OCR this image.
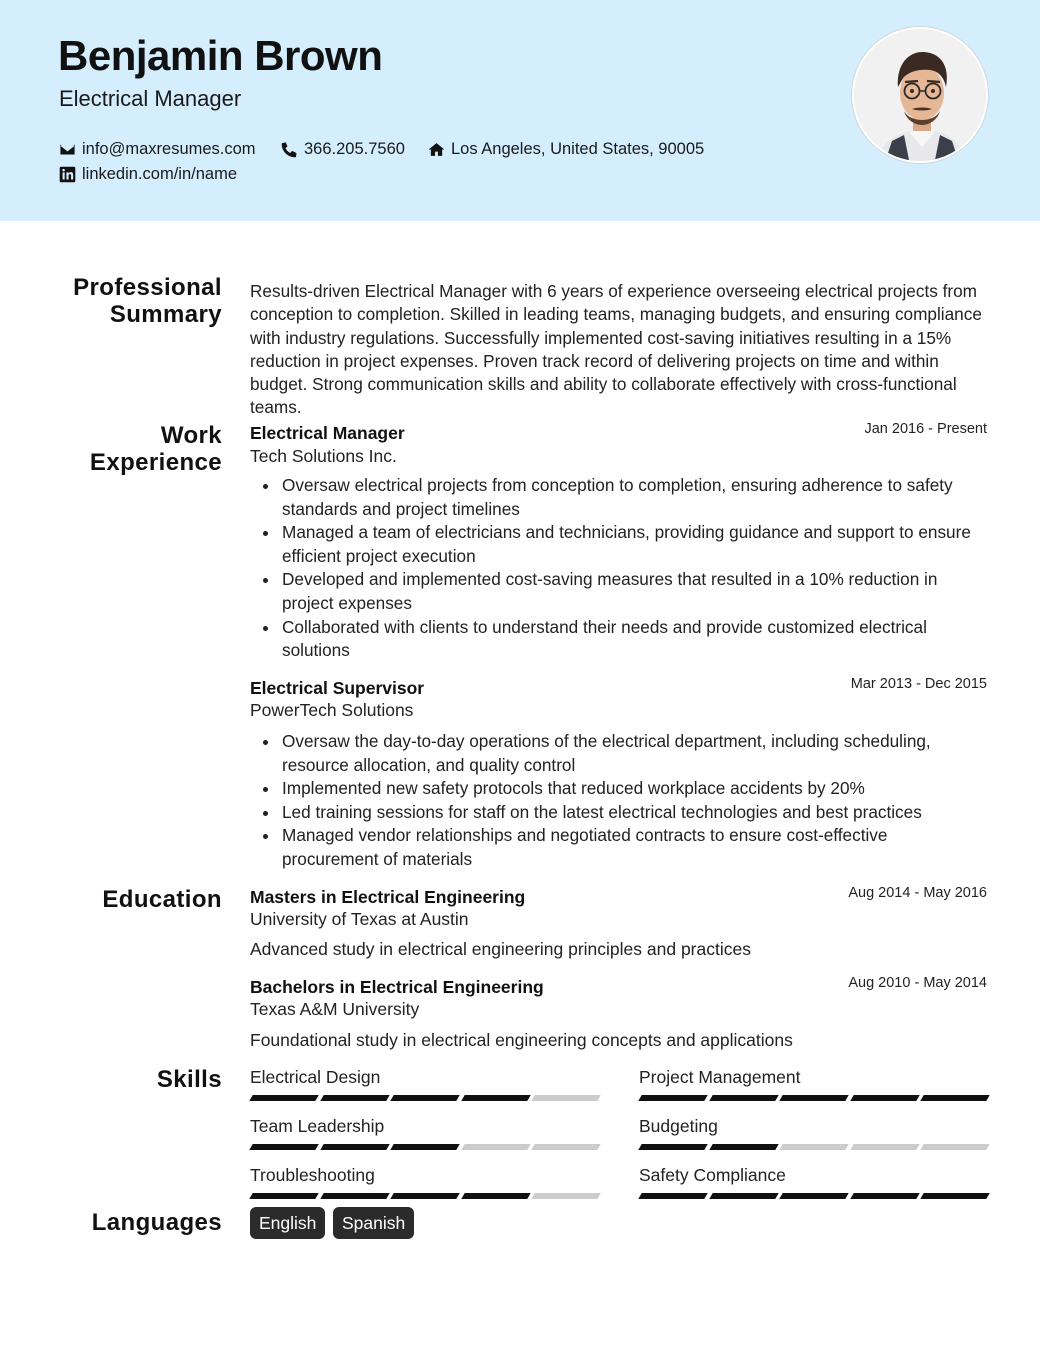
Benjamin Brown
Electrical Manager
info@maxresumes.com	366.205.7560	Los Angeles, United States, 90005
linkedin.com/in/name
Professional
Summary
Results-driven Electrical Manager with 6 years of experience overseeing electrical projects from conception to completion. Skilled in leading teams, managing budgets, and ensuring compliance with industry regulations. Successfully implemented cost-saving initiatives resulting in a 15% reduction in project expenses. Proven track record of delivering projects on time and within budget. Strong communication skills and ability to collaborate effectively with cross-functional teams.
Work
Experience
Electrical Manager	Jan 2016 - Present
Tech Solutions Inc.
Oversaw electrical projects from conception to completion, ensuring adherence to safety standards and project timelines
Managed a team of electricians and technicians, providing guidance and support to ensure efficient project execution
Developed and implemented cost-saving measures that resulted in a 10% reduction in project expenses
Collaborated with clients to understand their needs and provide customized electrical solutions
Electrical Supervisor	Mar 2013 - Dec 2015
PowerTech Solutions
Oversaw the day-to-day operations of the electrical department, including scheduling, resource allocation, and quality control
Implemented new safety protocols that reduced workplace accidents by 20%
Led training sessions for staff on the latest electrical technologies and best practices
Managed vendor relationships and negotiated contracts to ensure cost-effective procurement of materials
Education Masters in Electrical Engineering	Aug 2014 - May 2016
University of Texas at Austin
Advanced study in electrical engineering principles and practices
Bachelors in Electrical Engineering	Aug 2010 - May 2014
Texas A&M University
Foundational study in electrical engineering concepts and applications
Skills Electrical Design	Project Management
Team Leadership	Budgeting
Troubleshooting	Safety Compliance
Languages	English	Spanish
